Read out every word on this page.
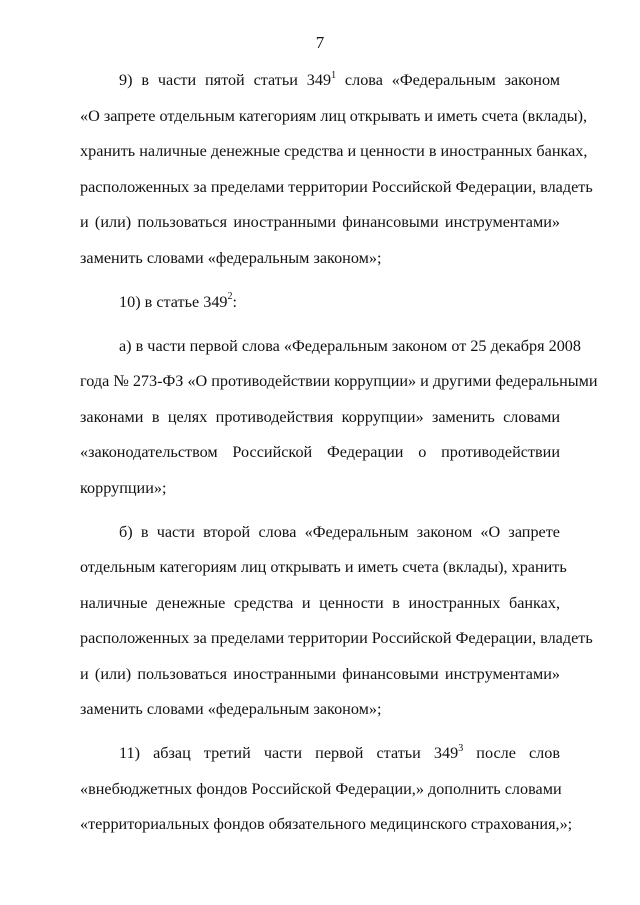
7
9) в части пятой статьи $349^1$ слова «Федеральным законом
«О запрете отдельным категориям лиц открывать и иметь счета (вклады),
хранить наличные денежные средства и ценности в иностранных банках,
расположенных за пределами территории Российской Федерации, владеть
и (или) пользоваться иностранными финансовыми инструментами»
заменить словами «федеральным законом»;
10) в статье $349^2$:
а) в части первой слова «Федеральным законом от 25 декабря 2008
года № 273-ФЗ «О противодействии коррупции» и другими федеральными
законами в целях противодействия коррупции» заменить словами
«законодательством Российской Федерации о противодействии
коррупции»;
б) в части второй слова «Федеральным законом «О запрете
отдельным категориям лиц открывать и иметь счета (вклады), хранить
наличные денежные средства и ценности в иностранных банках,
расположенных за пределами территории Российской Федерации, владеть
и (или) пользоваться иностранными финансовыми инструментами»
заменить словами «федеральным законом»;
11) абзац третий части первой статьи $349^3$ после слов
«внебюджетных фондов Российской Федерации,» дополнить словами
«территориальных фондов обязательного медицинского страхования,»;
